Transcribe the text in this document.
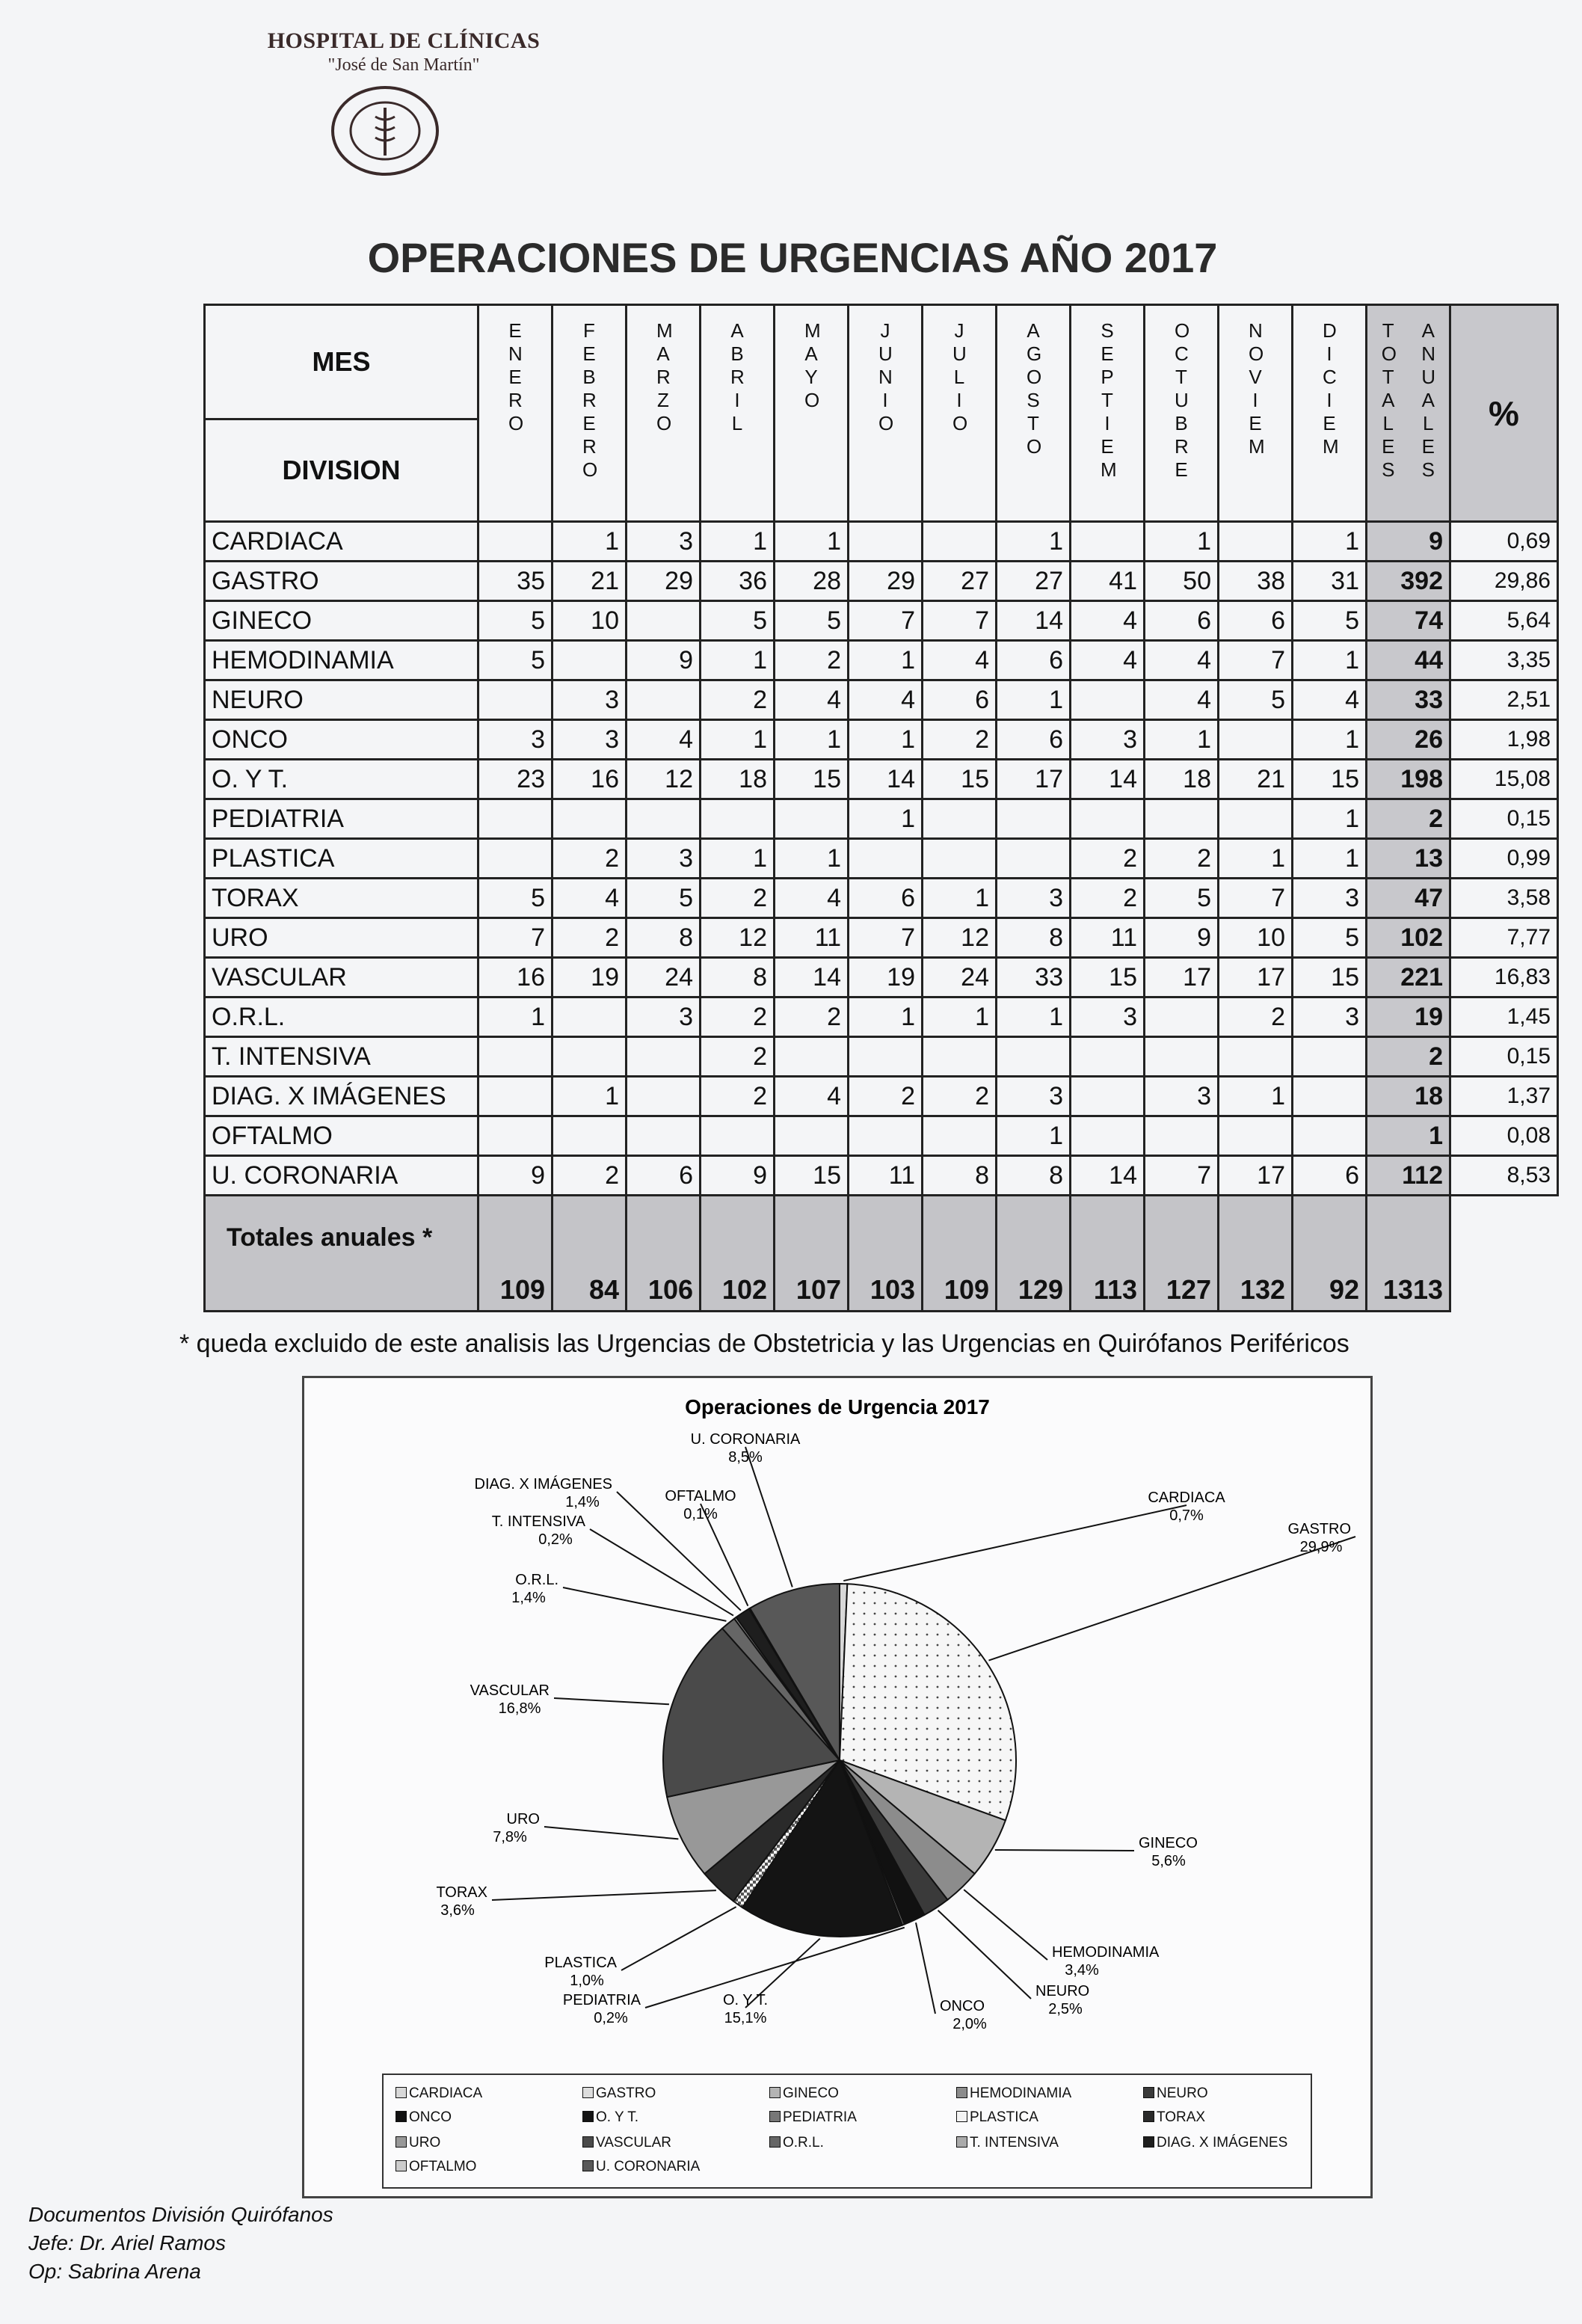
HOSPITAL DE CLÍNICAS
"José de San Martín"
OPERACIONES DE URGENCIAS AÑO 2017
MES	ENERO	FEBRERO	MARZO	ABRIL	MAYO	JUNIO	JULIO	AGOSTO	SEPTIEM	OCTUBRE	NOVIEM	DICIEM	TOTALES
ANUALES	%
DIVISION														
CARDIACA		1	3	1	1			1		1		1	9	0,69
GASTRO	35	21	29	36	28	29	27	27	41	50	38	31	392	29,86
GINECO	5	10		5	5	7	7	14	4	6	6	5	74	5,64
HEMODINAMIA	5		9	1	2	1	4	6	4	4	7	1	44	3,35
NEURO		3		2	4	4	6	1		4	5	4	33	2,51
ONCO	3	3	4	1	1	1	2	6	3	1		1	26	1,98
O. Y T.	23	16	12	18	15	14	15	17	14	18	21	15	198	15,08
PEDIATRIA						1						1	2	0,15
PLASTICA		2	3	1	1				2	2	1	1	13	0,99
TORAX	5	4	5	2	4	6	1	3	2	5	7	3	47	3,58
URO	7	2	8	12	11	7	12	8	11	9	10	5	102	7,77
VASCULAR	16	19	24	8	14	19	24	33	15	17	17	15	221	16,83
O.R.L.	1		3	2	2	1	1	1	3		2	3	19	1,45
T. INTENSIVA				2									2	0,15
DIAG. X IMÁGENES		1		2	4	2	2	3		3	1		18	1,37
OFTALMO								1					1	0,08
U. CORONARIA	9	2	6	9	15	11	8	8	14	7	17	6	112	8,53
Totales anuales *	109	84	106	102	107	103	109	129	113	127	132	92	1313	
* queda excluido de este analisis las Urgencias de Obstetricia y las Urgencias en Quirófanos Periféricos
Operaciones de Urgencia 2017
CARDIACA
0,7%
GASTRO
29,9%
GINECO
5,6%
HEMODINAMIA
3,4%
NEURO
2,5%
ONCO
2,0%
PEDIATRIA
0,2%
O. Y T.
15,1%
PLASTICA
1,0%
TORAX
3,6%
URO
7,8%
VASCULAR
16,8%
O.R.L.
1,4%
T. INTENSIVA
0,2%
DIAG. X IMÁGENES
1,4%	OFTALMO
0,1%
U. CORONARIA
8,5%
CARDIACA	GASTRO	GINECO	HEMODINAMIA	NEURO
ONCO	O. Y T.	PEDIATRIA	PLASTICA	TORAX
URO	VASCULAR	O.R.L.	T. INTENSIVA	DIAG. X IMÁGENES
OFTALMO	U. CORONARIA
Documentos División Quirófanos
Jefe: Dr. Ariel Ramos
Op: Sabrina Arena
